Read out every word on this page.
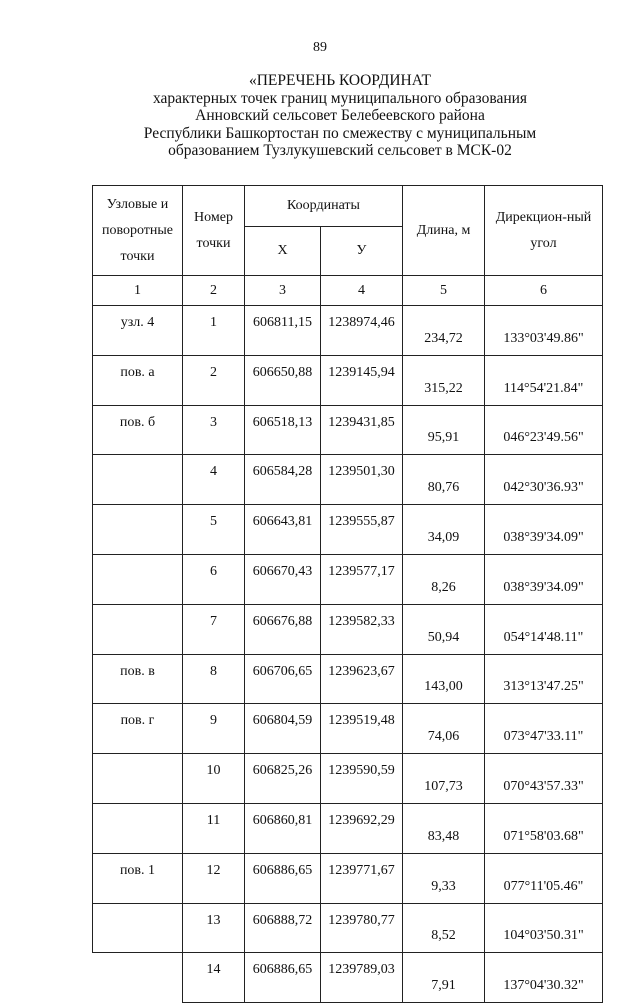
89
«ПЕРЕЧЕНЬ КООРДИНАТ
характерных точек границ муниципального образования
Анновский сельсовет Белебеевского района
Республики Башкортостан по смежеству с муниципальным
образованием Тузлукушевский сельсовет в МСК-02
Узловые и поворотные точки	Номер точки	Координаты		Длина, м	Дирекцион-ный угол
		Х	У		
1	2	3	4	5	6
узл. 4	1	606811,15	1238974,46	234,72	133°03'49.86"
пов. а	2	606650,88	1239145,94	315,22	114°54'21.84"
пов. б	3	606518,13	1239431,85	95,91	046°23'49.56"
	4	606584,28	1239501,30	80,76	042°30'36.93"
	5	606643,81	1239555,87	34,09	038°39'34.09"
	6	606670,43	1239577,17	8,26	038°39'34.09"
	7	606676,88	1239582,33	50,94	054°14'48.11"
пов. в	8	606706,65	1239623,67	143,00	313°13'47.25"
пов. г	9	606804,59	1239519,48	74,06	073°47'33.11"
	10	606825,26	1239590,59	107,73	070°43'57.33"
	11	606860,81	1239692,29	83,48	071°58'03.68"
пов. 1	12	606886,65	1239771,67	9,33	077°11'05.46"
	13	606888,72	1239780,77	8,52	104°03'50.31"
	14	606886,65	1239789,03	7,91	137°04'30.32"
